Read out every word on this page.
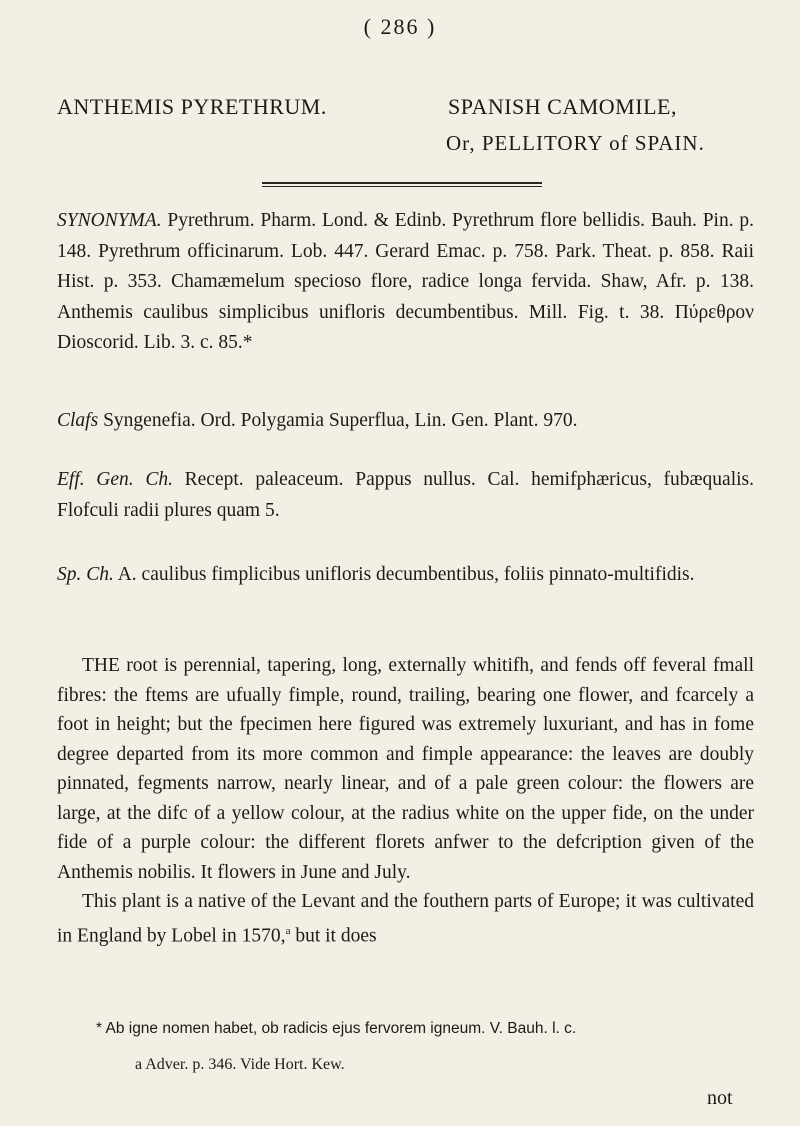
( 286 )
ANTHEMIS PYRETHRUM.	SPANISH CAMOMILE,
Or, PELLITORY of SPAIN.

SYNONYMA. Pyrethrum. Pharm. Lond. & Edinb. Pyrethrum flore bellidis. Bauh. Pin. p. 148. Pyrethrum officinarum. Lob. 447. Gerard Emac. p. 758. Park. Theat. p. 858. Raii Hist. p. 353. Chamæmelum speciosо flore, radice longa fervida. Shaw, Afr. p. 138. Anthemis caulibus simplicibus unifloris decumbentibus. Mill. Fig. t. 38. Πύρεθρον Dioscorid. Lib. 3. c. 85.*

Clafs Syngenefia. Ord. Polygamia Superflua, Lin. Gen. Plant. 970.

Eff. Gen. Ch. Recept. paleaceum. Pappus nullus. Cal. hemifphæricus, fubæqualis. Flofculi radii plures quam 5.

Sp. Ch. A. caulibus fimplicibus unifloris decumbentibus, foliis pinnato-multifidis.

THE root is perennial, tapering, long, externally whitifh, and fends off feveral fmall fibres: the ftems are ufually fimple, round, trailing, bearing one flower, and fcarcely a foot in height; but the fpecimen here figured was extremely luxuriant, and has in fome degree departed from its more common and fimple appearance: the leaves are doubly pinnated, fegments narrow, nearly linear, and of a pale green colour: the flowers are large, at the difc of a yellow colour, at the radius white on the upper fide, on the under fide of a purple colour: the different florets anfwer to the defcription given of the Anthemis nobilis. It flowers in June and July.

This plant is a native of the Levant and the fouthern parts of Europe; it was cultivated in England by Lobel in 1570,$^a$ but it does

* Ab igne nomen habet, ob radicis ejus fervorem igneum. V. Bauh. l. c.
a Adver. p. 346. Vide Hort. Kew.
not
